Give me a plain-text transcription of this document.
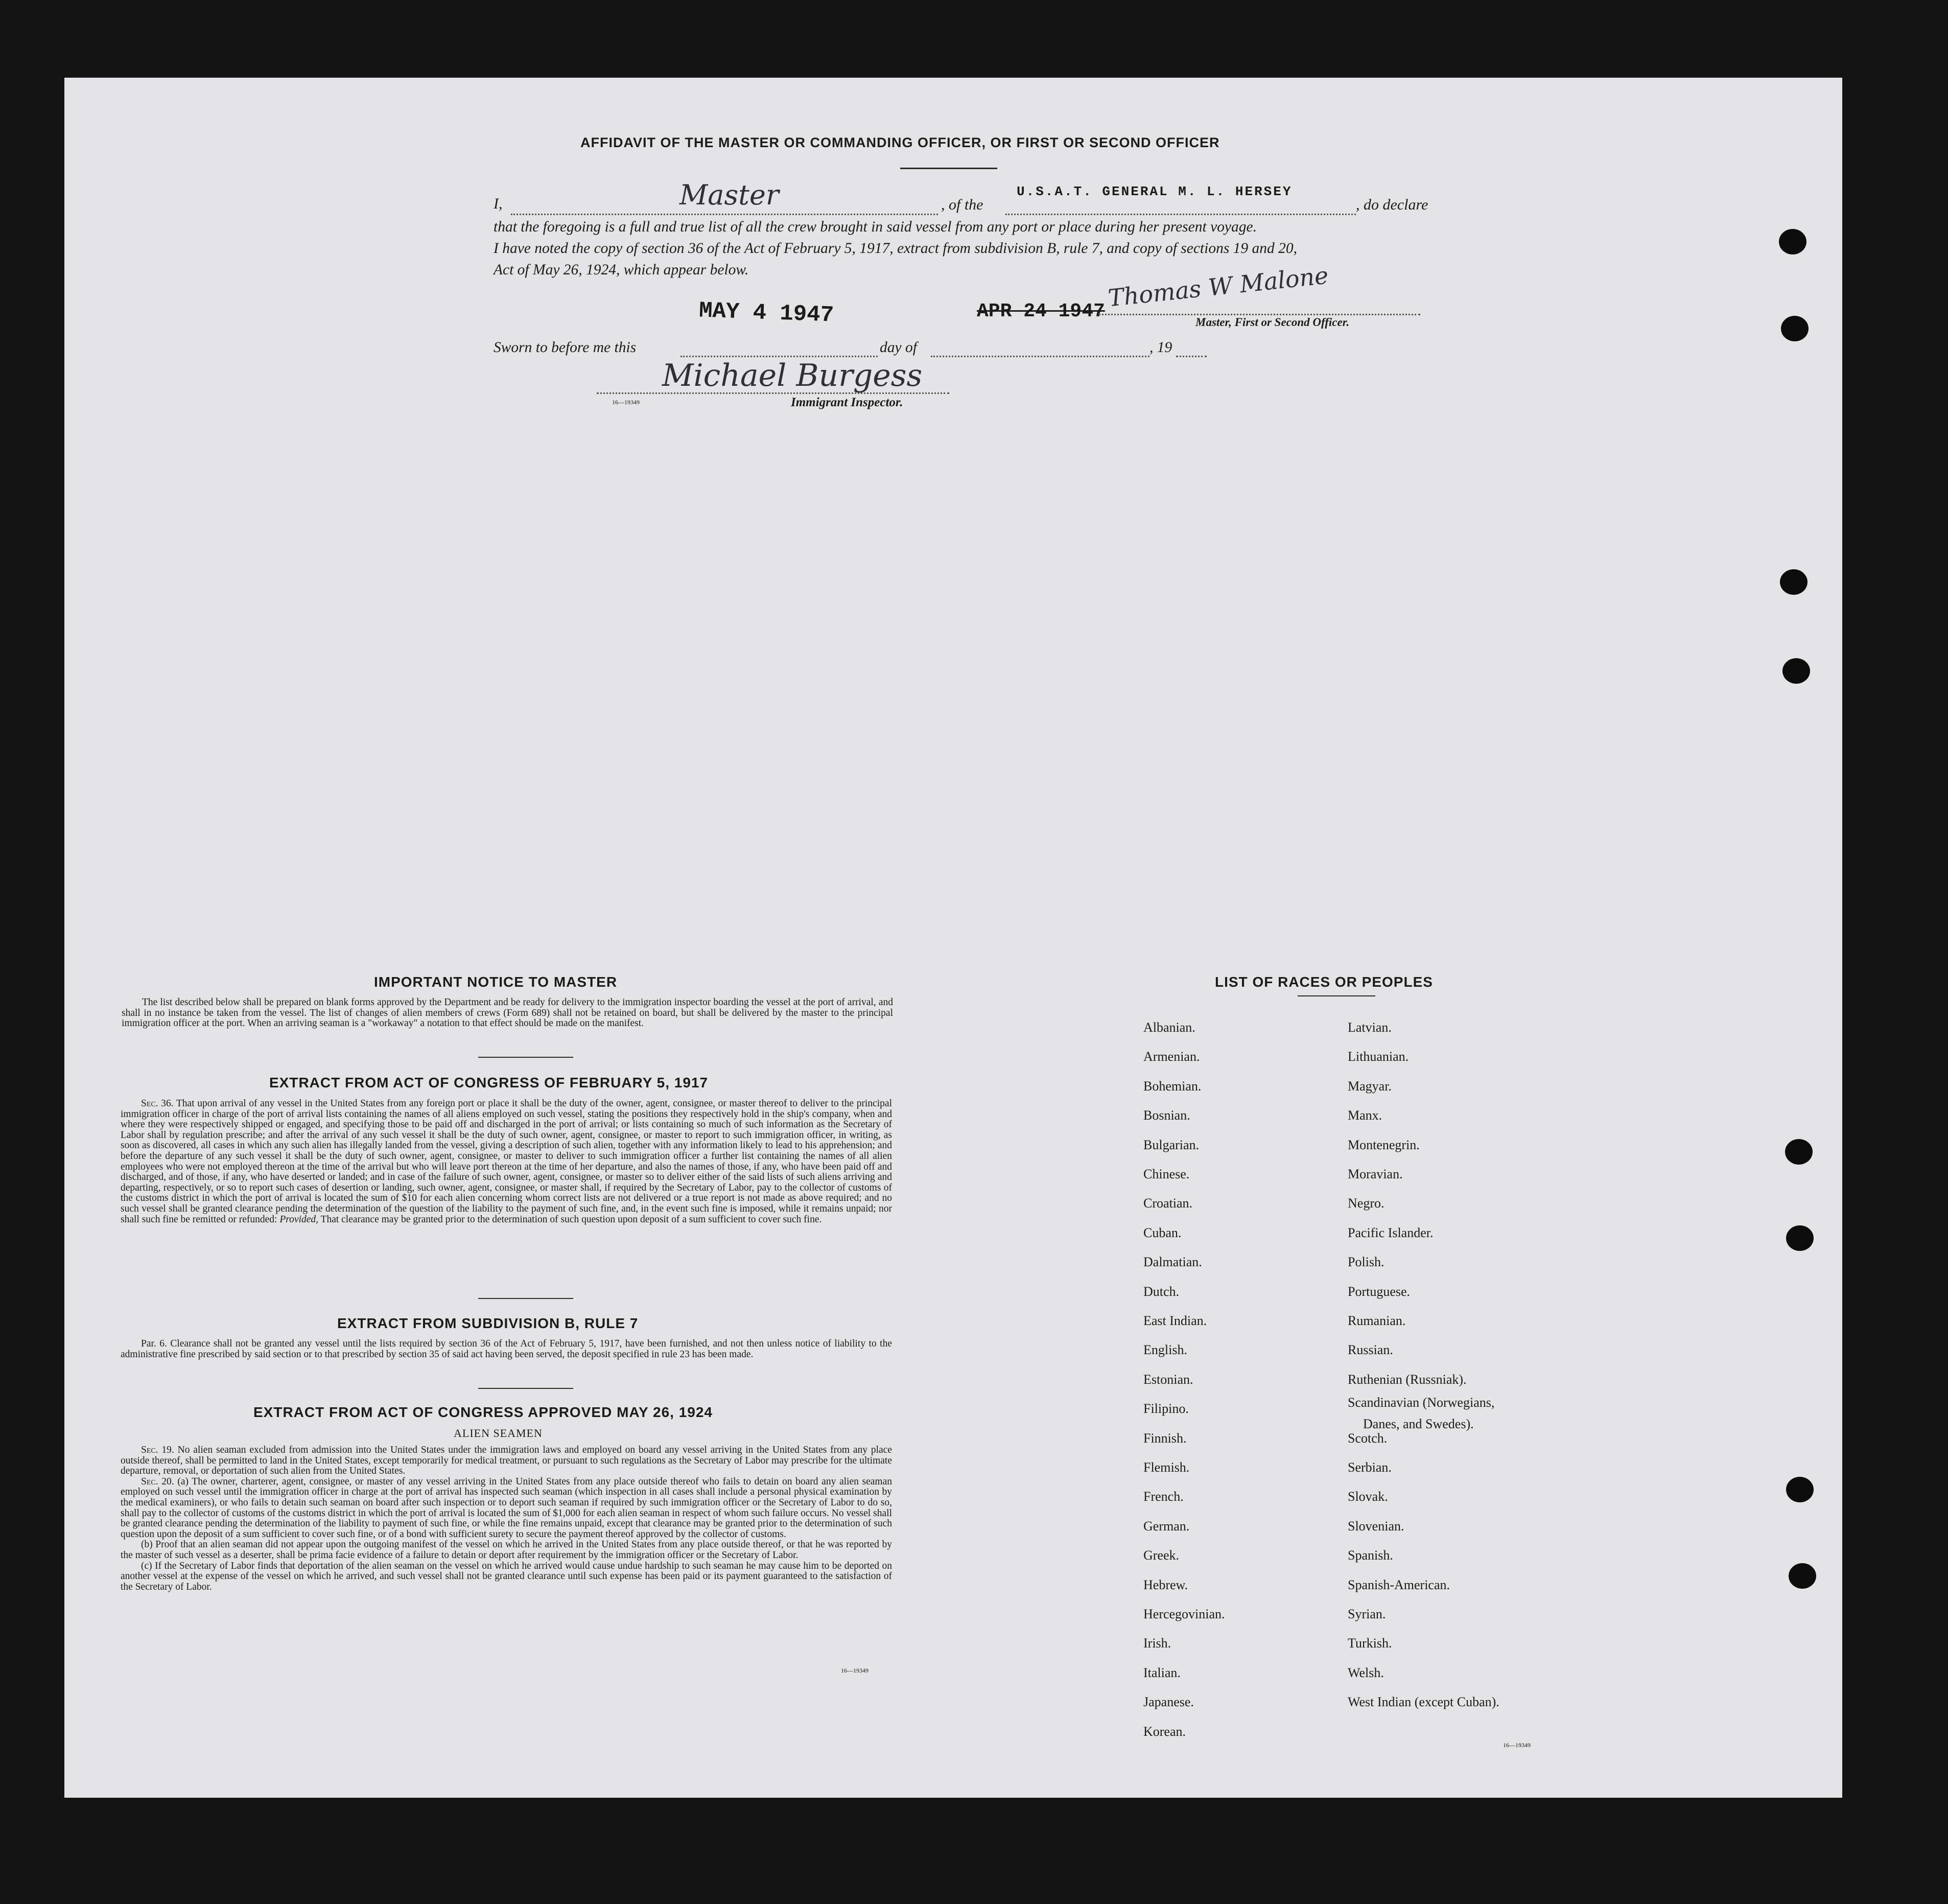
AFFIDAVIT OF THE MASTER OR COMMANDING OFFICER, OR FIRST OR SECOND OFFICER
I,	Master	, of the
U.S.A.T. GENERAL M. L. HERSEY
, do declare
that the foregoing is a full and true list of all the crew brought in said vessel from any port or place during her present voyage.
I have noted the copy of section 36 of the Act of February 5, 1917, extract from subdivision B, rule 7, and copy of sections 19 and 20,
Act of May 26, 1924, which appear below.
MAY 4 1947	APR 24 1947 Thomas W Malone
Master, First or Second Officer.
Sworn to before me this	day of	, 19
Michael Burgess
16—19349	Immigrant Inspector.
IMPORTANT NOTICE TO MASTER

The list described below shall be prepared on blank forms approved by the Department and be ready for delivery to the immigration inspector boarding the vessel at the port of arrival, and shall in no instance be taken from the vessel. The list of changes of alien members of crews (Form 689) shall not be retained on board, but shall be delivered by the master to the principal immigration officer at the port. When an arriving seaman is a "workaway" a notation to that effect should be made on the manifest.

EXTRACT FROM ACT OF CONGRESS OF FEBRUARY 5, 1917

Sec. 36. That upon arrival of any vessel in the United States from any foreign port or place it shall be the duty of the owner, agent, consignee, or master thereof to deliver to the principal immigration officer in charge of the port of arrival lists containing the names of all aliens employed on such vessel, stating the positions they respectively hold in the ship's company, when and where they were respectively shipped or engaged, and specifying those to be paid off and discharged in the port of arrival; or lists containing so much of such information as the Secretary of Labor shall by regulation prescribe; and after the arrival of any such vessel it shall be the duty of such owner, agent, consignee, or master to report to such immigration officer, in writing, as soon as discovered, all cases in which any such alien has illegally landed from the vessel, giving a description of such alien, together with any information likely to lead to his apprehension; and before the departure of any such vessel it shall be the duty of such owner, agent, consignee, or master to deliver to such immigration officer a further list containing the names of all alien employees who were not employed thereon at the time of the arrival but who will leave port thereon at the time of her departure, and also the names of those, if any, who have been paid off and discharged, and of those, if any, who have deserted or landed; and in case of the failure of such owner, agent, consignee, or master so to deliver either of the said lists of such aliens arriving and departing, respectively, or so to report such cases of desertion or landing, such owner, agent, consignee, or master shall, if required by the Secretary of Labor, pay to the collector of customs of the customs district in which the port of arrival is located the sum of $10 for each alien concerning whom correct lists are not delivered or a true report is not made as above required; and no such vessel shall be granted clearance pending the determination of the question of the liability to the payment of such fine, and, in the event such fine is imposed, while it remains unpaid; nor shall such fine be remitted or refunded: Provided, That clearance may be granted prior to the determination of such question upon deposit of a sum sufficient to cover such fine.

EXTRACT FROM SUBDIVISION B, RULE 7

Par. 6. Clearance shall not be granted any vessel until the lists required by section 36 of the Act of February 5, 1917, have been furnished, and not then unless notice of liability to the administrative fine prescribed by said section or to that prescribed by section 35 of said act having been served, the deposit specified in rule 23 has been made.

EXTRACT FROM ACT OF CONGRESS APPROVED MAY 26, 1924
ALIEN SEAMEN

Sec. 19. No alien seaman excluded from admission into the United States under the immigration laws and employed on board any vessel arriving in the United States from any place outside thereof, shall be permitted to land in the United States, except temporarily for medical treatment, or pursuant to such regulations as the Secretary of Labor may prescribe for the ultimate departure, removal, or deportation of such alien from the United States.

Sec. 20. (a) The owner, charterer, agent, consignee, or master of any vessel arriving in the United States from any place outside thereof who fails to detain on board any alien seaman employed on such vessel until the immigration officer in charge at the port of arrival has inspected such seaman (which inspection in all cases shall include a personal physical examination by the medical examiners), or who fails to detain such seaman on board after such inspection or to deport such seaman if required by such immigration officer or the Secretary of Labor to do so, shall pay to the collector of customs of the customs district in which the port of arrival is located the sum of $1,000 for each alien seaman in respect of whom such failure occurs. No vessel shall be granted clearance pending the determination of the liability to payment of such fine, or while the fine remains unpaid, except that clearance may be granted prior to the determination of such question upon the deposit of a sum sufficient to cover such fine, or of a bond with sufficient surety to secure the payment thereof approved by the collector of customs.

(b) Proof that an alien seaman did not appear upon the outgoing manifest of the vessel on which he arrived in the United States from any place outside thereof, or that he was reported by the master of such vessel as a deserter, shall be prima facie evidence of a failure to detain or deport after requirement by the immigration officer or the Secretary of Labor.

(c) If the Secretary of Labor finds that deportation of the alien seaman on the vessel on which he arrived would cause undue hardship to such seaman he may cause him to be deported on another vessel at the expense of the vessel on which he arrived, and such vessel shall not be granted clearance until such expense has been paid or its payment guaranteed to the satisfaction of the Secretary of Labor.

16—19349
LIST OF RACES OR PEOPLES
Albanian.
Armenian.
Bohemian.
Bosnian.
Bulgarian.
Chinese.
Croatian.
Cuban.
Dalmatian.
Dutch.
East Indian.
English.
Estonian.
Filipino.
Finnish.
Flemish.
French.
German.
Greek.
Hebrew.
Hercegovinian.
Irish.
Italian.
Japanese.
Korean.
Latvian.
Lithuanian.
Magyar.
Manx.
Montenegrin.
Moravian.
Negro.
Pacific Islander.
Polish.
Portuguese.
Rumanian.
Russian.
Ruthenian (Russniak).
Scandinavian (Norwegians,
Danes, and Swedes).
Scotch.
Serbian.
Slovak.
Slovenian.
Spanish.
Spanish-American.
Syrian.
Turkish.
Welsh.
West Indian (except Cuban).
16—19349
